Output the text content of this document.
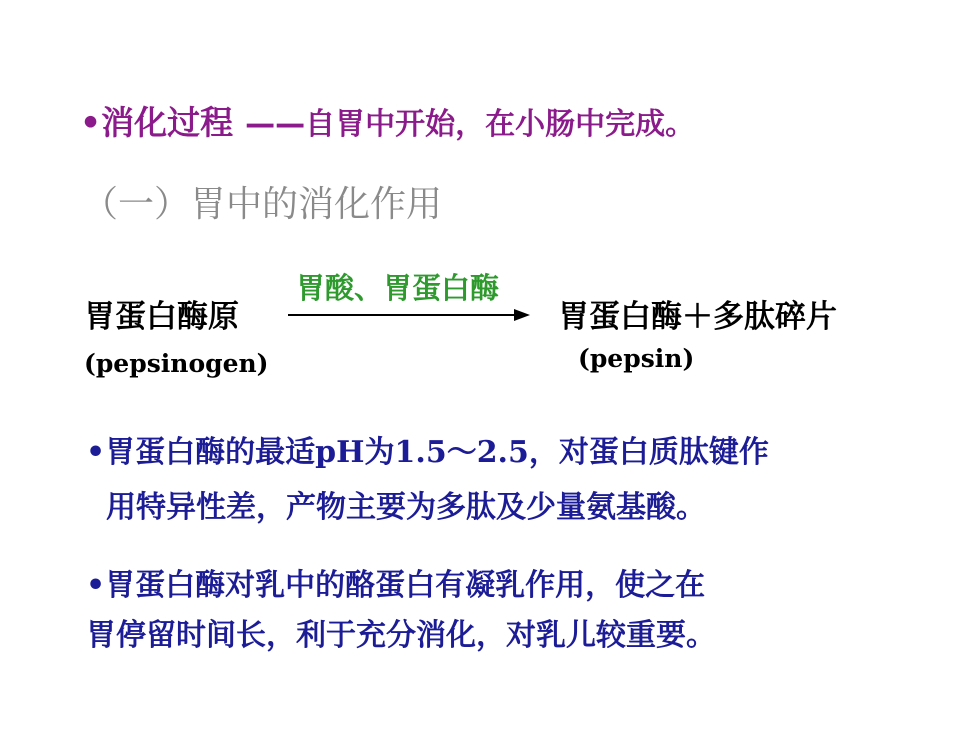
•消化过程 ——自胃中开始，在小肠中完成。
（一）胃中的消化作用
胃酸、胃蛋白酶
胃蛋白酶原
(pepsinogen)
胃蛋白酶＋多肽碎片
(pepsin)
•胃蛋白酶的最适pH为1.5～2.5，对蛋白质肽键作
用特异性差，产物主要为多肽及少量氨基酸。
•胃蛋白酶对乳中的酪蛋白有凝乳作用，使之在
胃停留时间长，利于充分消化，对乳儿较重要。
